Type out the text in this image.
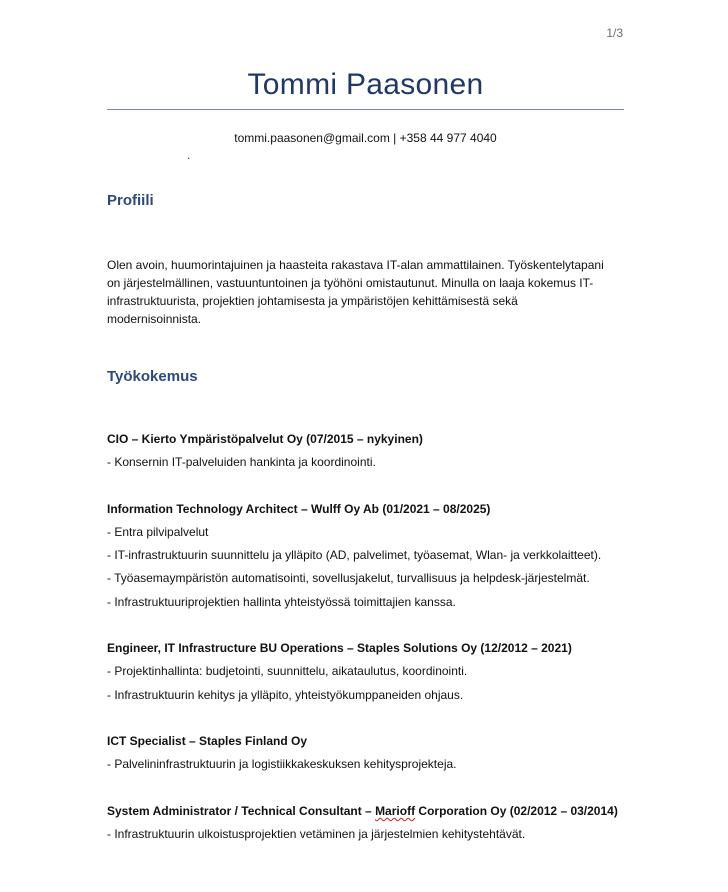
1/3
Tommi Paasonen
tommi.paasonen@gmail.com | +358 44 977 4040
.
Profiili
Olen avoin, huumorintajuinen ja haasteita rakastava IT-alan ammattilainen. Työskentelytapani
on järjestelmällinen, vastuuntuntoinen ja työhöni omistautunut. Minulla on laaja kokemus IT-
infrastruktuurista, projektien johtamisesta ja ympäristöjen kehittämisestä sekä
modernisoinnista.
Työkokemus
CIO – Kierto Ympäristöpalvelut Oy (07/2015 – nykyinen)
- Konsernin IT-palveluiden hankinta ja koordinointi.
Information Technology Architect – Wulff Oy Ab (01/2021 – 08/2025)
- Entra pilvipalvelut
- IT-infrastruktuurin suunnittelu ja ylläpito (AD, palvelimet, työasemat, Wlan- ja verkkolaitteet).
- Työasemaympäristön automatisointi, sovellusjakelut, turvallisuus ja helpdesk-järjestelmät.
- Infrastruktuuriprojektien hallinta yhteistyössä toimittajien kanssa.
Engineer, IT Infrastructure BU Operations – Staples Solutions Oy (12/2012 – 2021)
- Projektinhallinta: budjetointi, suunnittelu, aikataulutus, koordinointi.
- Infrastruktuurin kehitys ja ylläpito, yhteistyökumppaneiden ohjaus.
ICT Specialist – Staples Finland Oy
- Palvelininfrastruktuurin ja logistiikkakeskuksen kehitysprojekteja.
System Administrator / Technical Consultant – Marioff Corporation Oy (02/2012 – 03/2014)
- Infrastruktuurin ulkoistusprojektien vetäminen ja järjestelmien kehitystehtävät.
